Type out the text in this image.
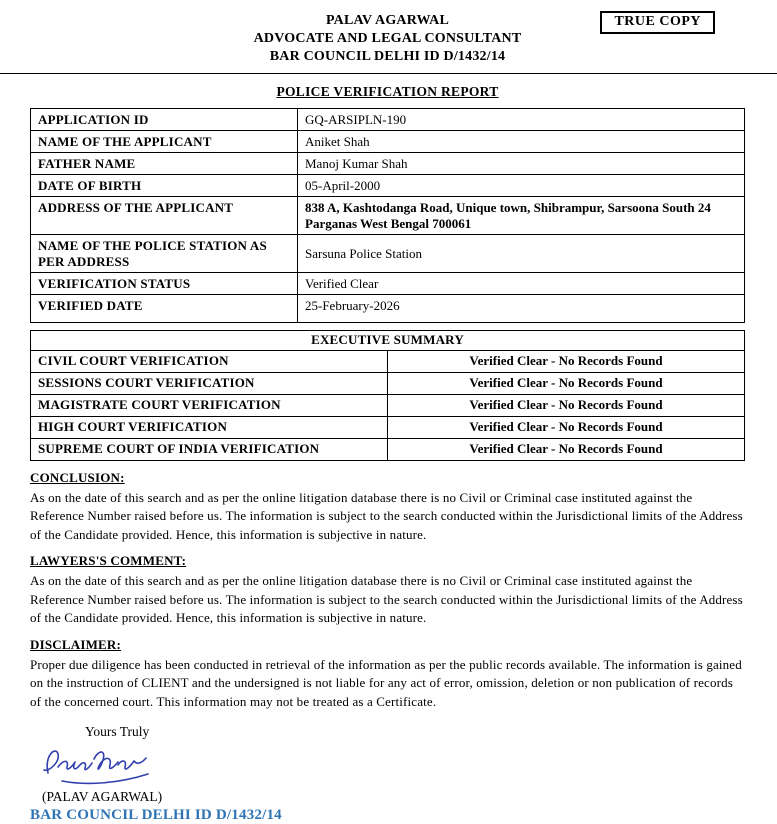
TRUE COPY
PALAV AGARWAL
ADVOCATE AND LEGAL CONSULTANT
BAR COUNCIL DELHI ID D/1432/14
POLICE VERIFICATION REPORT
APPLICATION ID	GQ-ARSIPLN-190
NAME OF THE APPLICANT	Aniket Shah
FATHER NAME	Manoj Kumar Shah
DATE OF BIRTH	05-April-2000
ADDRESS OF THE APPLICANT	838 A, Kashtodanga Road, Unique town, Shibrampur, Sarsoona South 24 Parganas West Bengal 700061
NAME OF THE POLICE STATION AS PER ADDRESS	Sarsuna Police Station
VERIFICATION STATUS	Verified Clear
VERIFIED DATE	25-February-2026
EXECUTIVE SUMMARY	
CIVIL COURT VERIFICATION	Verified Clear - No Records Found
SESSIONS COURT VERIFICATION	Verified Clear - No Records Found
MAGISTRATE COURT VERIFICATION	Verified Clear - No Records Found
HIGH COURT VERIFICATION	Verified Clear - No Records Found
SUPREME COURT OF INDIA VERIFICATION	Verified Clear - No Records Found
CONCLUSION:

As on the date of this search and as per the online litigation database there is no Civil or Criminal case instituted against the Reference Number raised before us. The information is subject to the search conducted within the Jurisdictional limits of the Address of the Candidate provided. Hence, this information is subjective in nature.

LAWYERS'S COMMENT:

As on the date of this search and as per the online litigation database there is no Civil or Criminal case instituted against the Reference Number raised before us. The information is subject to the search conducted within the Jurisdictional limits of the Address of the Candidate provided. Hence, this information is subjective in nature.

DISCLAIMER:

Proper due diligence has been conducted in retrieval of the information as per the public records available. The information is gained on the instruction of CLIENT and the undersigned is not liable for any act of error, omission, deletion or non publication of records of the concerned court. This information may not be treated as a Certificate.

Yours Truly
(PALAV AGARWAL)
BAR COUNCIL DELHI ID D/1432/14
